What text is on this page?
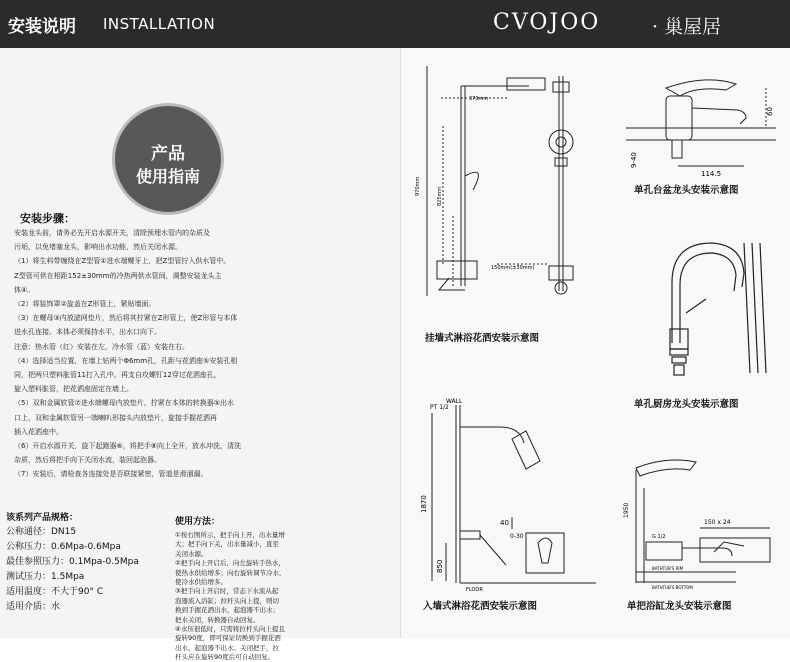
安装说明 INSTALLATION	CVOJOO	· 巢屋居
产品
使用指南
安装步骤：
安装龙头前，请务必先开启水源开关，清除预埋水管内的杂质及
污垢，以免堵塞龙头，影响出水功能，然后关闭水源。
（1）将生料带缠绕在Z型管①进水端螺牙上，把Z型管拧入供水管中。
Z型管可供在相距152±30mm的冷热两供水管间，调整安装龙头主
体④。
（2）将装饰罩②旋盖在Z形管上，紧贴墙面。
（3）在螺母③内放滤网垫片，然后将其拧紧在Z形管上，使Z形管与本体
进水孔连接。本体必须保持水平，出水口向下。
注意：热水管（红）安装在左，冷水管（蓝）安装在右。
（4）选择适当位置，在墙上钻两个Φ6mm孔，孔距与花洒座⑤安装孔相
同，把两只塑料胀管11打入孔中。再支自攻螺钉12穿过花洒座孔，
旋入塑料胀管，把花洒座固定在墙上。
（5）双和金属软管⑦进水端螺母内放垫片，拧紧在本体的转换器⑤出水
口上，双和金属软管另一端喇叭形接头内放垫片，旋接手握花洒再
插入花洒座中。
（6）开启水源开关，旋下起跑器⑥，将把手⑧向上全开，放水冲洗，清洗
杂质，然后将把手向下关闭水流，装回起泡器。
（7）安装后，请检查各连接处是否联接紧密，管道是滑溜漏。
该系列产品规格：
公称通径：DN15
公称压力：0.6Mpa-0.6Mpa
最佳参照压力：0.1Mpa-0.5Mpa
测试压力：1.5Mpa
适用温度：不大于90° C
适用介质：水
使用方法：
①按右图所示，把手向上开，出水量增
大；把手向下关，出水量减小，直至
关闭水源。
②把手向上开启后，向左旋转手热水，
使热水供给增多；向右旋转调节冷水，
使冷水供给增多。
③把手向上开启时，常态下水流从起
泡器流入浴缸；拉杆头向上提，则切
换到手握花洒出水，起泡器不出水；
把水关闭，转换器自动回复。
④水压很低时，只需将拉杆头向上提且
旋转90度，即可保证切换到手握花洒
出水，起泡器不出水。关闭把手，拉
杆头应在旋转90度后可自动回复。
370mm
970mm
825mm
150mm(±30mm)
挂墙式淋浴花洒安装示意图
114.5
60
9-40
单孔台盆龙头安装示意图
单孔厨房龙头安装示意图
WALL
PT 1/2
1870
850
40
0-30
FLOOR
入墙式淋浴花洒安装示意图
150 x 24
1950
G 1/2
BATHTUB'S RIM
BATHTUB'S BOTTOM
单把浴缸龙头安装示意图
